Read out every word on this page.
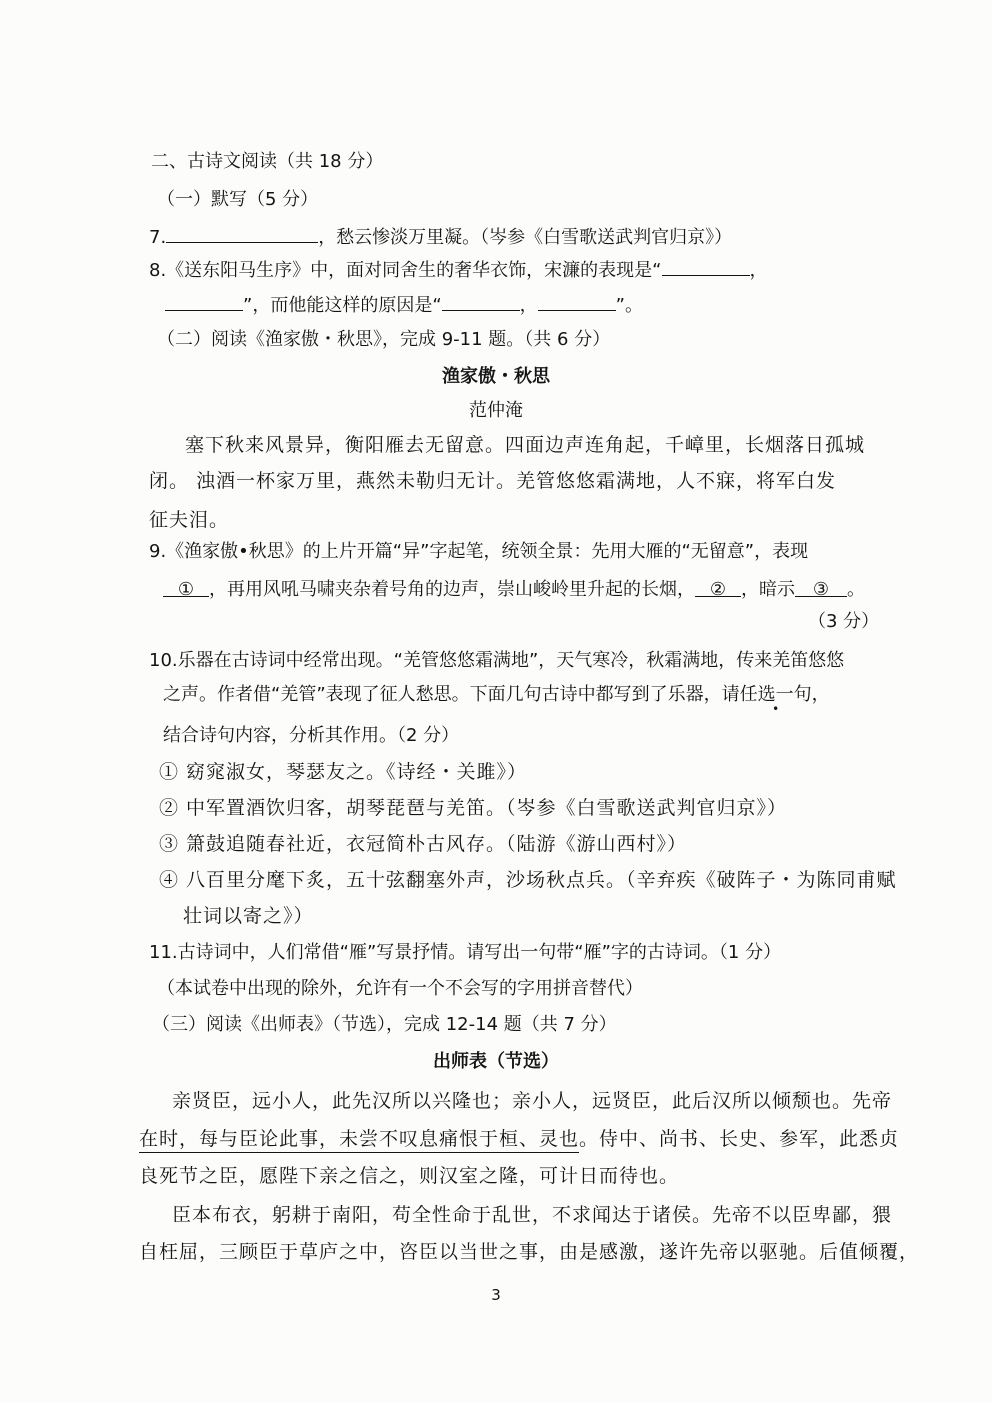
二、古诗文阅读（共 18 分）
（一）默写（5 分）
7.	，愁云惨淡万里凝。（岑参《白雪歌送武判官归京》）
8.《送东阳马生序》中，面对同舍生的奢华衣饰，宋濂的表现是“	，
”，而他能这样的原因是“	，	”。
（二）阅读《渔家傲・秋思》，完成 9-11 题。（共 6 分）
渔家傲・秋思
范仲淹
塞下秋来风景异，衡阳雁去无留意。四面边声连角起，千嶂里，长烟落日孤城
闭。 浊酒一杯家万里，燕然未勒归无计。羌管悠悠霜满地，人不寐，将军白发
征夫泪。
9.《渔家傲•秋思》的上片开篇“异”字起笔，统领全景：先用大雁的“无留意”，表现
① ，再用风吼马啸夹杂着号角的边声，崇山峻岭里升起的长烟， ② ，暗示 ③ 。
（3 分）
10.乐器在古诗词中经常出现。“羌管悠悠霜满地”，天气寒冷，秋霜满地，传来羌笛悠悠
之声。作者借“羌管”表现了征人愁思。下面几句古诗中都写到了乐器，请任选一句，
结合诗句内容，分析其作用。（2 分）
① 窈窕淑女，琴瑟友之。《诗经・关雎》）
② 中军置酒饮归客，胡琴琵琶与羌笛。（岑参《白雪歌送武判官归京》）
③ 箫鼓追随春社近，衣冠简朴古风存。（陆游《游山西村》）
④ 八百里分麾下炙，五十弦翻塞外声，沙场秋点兵。（辛弃疾《破阵子・为陈同甫赋
壮词以寄之》）
11.古诗词中，人们常借“雁”写景抒情。请写出一句带“雁”字的古诗词。（1 分）
（本试卷中出现的除外，允许有一个不会写的字用拼音替代）
（三）阅读《出师表》（节选），完成 12-14 题（共 7 分）
出师表（节选）
亲贤臣，远小人，此先汉所以兴隆也；亲小人，远贤臣，此后汉所以倾颓也。先帝
在时，每与臣论此事，未尝不叹息痛恨于桓、灵也。侍中、尚书、长史、参军，此悉贞
良死节之臣，愿陛下亲之信之，则汉室之隆，可计日而待也。
臣本布衣，躬耕于南阳，苟全性命于乱世，不求闻达于诸侯。先帝不以臣卑鄙，猥
自枉屈，三顾臣于草庐之中，咨臣以当世之事，由是感激，遂许先帝以驱驰。后值倾覆，
3
